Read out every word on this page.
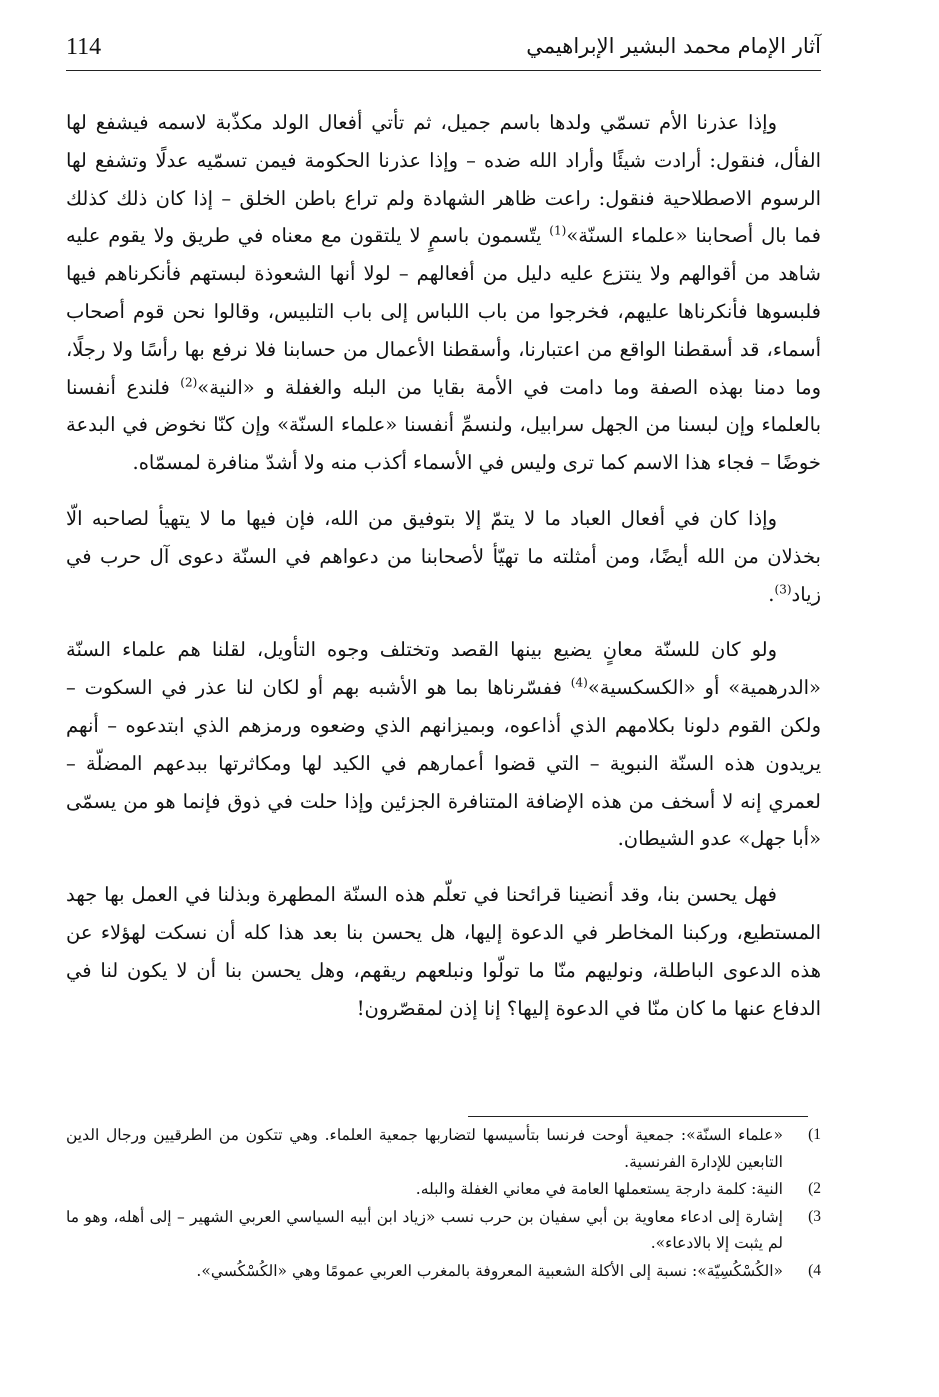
114	آثار الإمام محمد البشير الإبراهيمي

وإذا عذرنا الأم تسمّي ولدها باسم جميل، ثم تأتي أفعال الولد مكذّبة لاسمه فيشفع لها الفأل، فنقول: أرادت شيئًا وأراد الله ضده – وإذا عذرنا الحكومة فيمن تسمّيه عدلًا وتشفع لها الرسوم الاصطلاحية فنقول: راعت ظاهر الشهادة ولم تراع باطن الخلق – إذا كان ذلك كذلك فما بال أصحابنا «علماء السنّة»$^{(1)}$ يتّسمون باسمٍ لا يلتقون مع معناه في طريق ولا يقوم عليه شاهد من أقوالهم ولا ينتزع عليه دليل من أفعالهم – لولا أنها الشعوذة لبستهم فأنكرناهم فيها فلبسوها فأنكرناها عليهم، فخرجوا من باب اللباس إلى باب التلبيس، وقالوا نحن قوم أصحاب أسماء، قد أسقطنا الواقع من اعتبارنا، وأسقطنا الأعمال من حسابنا فلا نرفع بها رأسًا ولا رجلًا، وما دمنا بهذه الصفة وما دامت في الأمة بقايا من البله والغفلة و «النية»$^{(2)}$ فلندع أنفسنا بالعلماء وإن لبسنا من الجهل سرابيل، ولنسمِّ أنفسنا «علماء السنّة» وإن كنّا نخوض في البدعة خوضًا – فجاء هذا الاسم كما ترى وليس في الأسماء أكذب منه ولا أشدّ منافرة لمسمّاه.

وإذا كان في أفعال العباد ما لا يتمّ إلا بتوفيق من الله، فإن فيها ما لا يتهيأ لصاحبه الّا بخذلان من الله أيضًا، ومن أمثلته ما تهيّأ لأصحابنا من دعواهم في السنّة دعوى آل حرب في زياد$^{(3)}$.

ولو كان للسنّة معانٍ يضيع بينها القصد وتختلف وجوه التأويل، لقلنا هم علماء السنّة «الدرهمية» أو «الكسكسية»$^{(4)}$ ففسّرناها بما هو الأشبه بهم أو لكان لنا عذر في السكوت – ولكن القوم دلونا بكلامهم الذي أذاعوه، وبميزانهم الذي وضعوه ورمزهم الذي ابتدعوه – أنهم يريدون هذه السنّة النبوية – التي قضوا أعمارهم في الكيد لها ومكاثرتها ببدعهم المضلّة – لعمري إنه لا أسخف من هذه الإضافة المتنافرة الجزئين وإذا حلت في ذوق فإنما هو من يسمّى «أبا جهل» عدو الشيطان.

فهل يحسن بنا، وقد أنضينا قرائحنا في تعلّم هذه السنّة المطهرة وبذلنا في العمل بها جهد المستطيع، وركبنا المخاطر في الدعوة إليها، هل يحسن بنا بعد هذا كله أن نسكت لهؤلاء عن هذه الدعوى الباطلة، ونوليهم منّا ما تولّوا ونبلعهم ريقهم، وهل يحسن بنا أن لا يكون لنا في الدفاع عنها ما كان منّا في الدعوة إليها؟ إنا إذن لمقصّرون!

1)
«علماء السنّة»: جمعية أوحت فرنسا بتأسيسها لتضاربها جمعية العلماء. وهي تتكون من الطرقيين ورجال الدين التابعين للإدارة الفرنسية.
2)
النية: كلمة دارجة يستعملها العامة في معاني الغفلة والبله.
3)
إشارة إلى ادعاء معاوية بن أبي سفيان بن حرب نسب «زياد ابن أبيه السياسي العربي الشهير – إلى أهله، وهو ما لم يثبت إلا بالادعاء».
4)
«الكُسْكُسِيّة»: نسبة إلى الأكلة الشعبية المعروفة بالمغرب العربي عمومًا وهي «الكُسْكُسي».
